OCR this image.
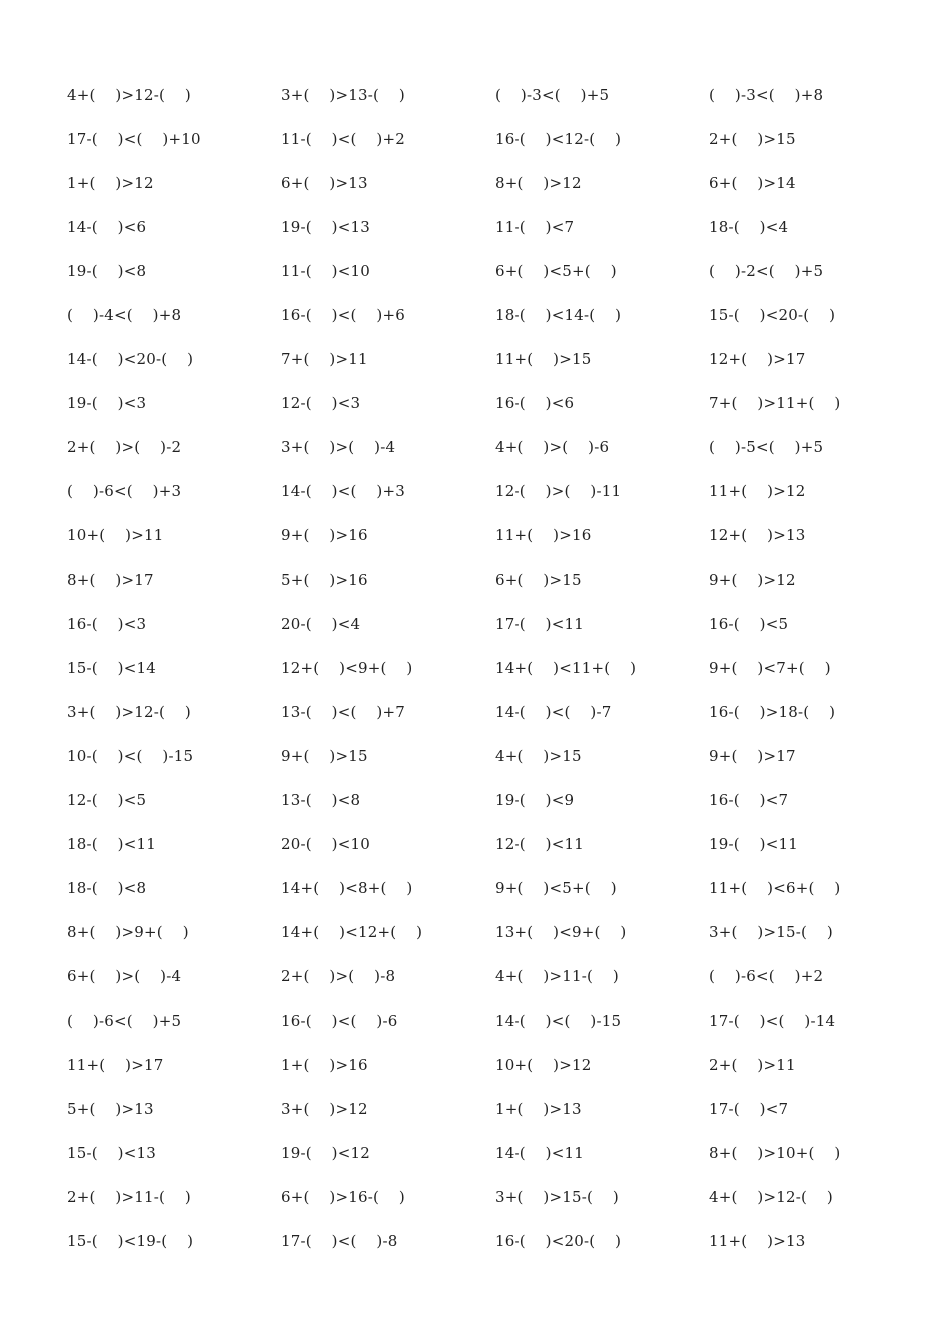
4+(    )>12-(    )	3+(    )>13-(    )	(    )-3<(    )+5	(    )-3<(    )+8
17-(    )<(    )+10	11-(    )<(    )+2	16-(    )<12-(    )	2+(    )>15
1+(    )>12	6+(    )>13	8+(    )>12	6+(    )>14
14-(    )<6	19-(    )<13	11-(    )<7	18-(    )<4
19-(    )<8	11-(    )<10	6+(    )<5+(    )	(    )-2<(    )+5
(    )-4<(    )+8	16-(    )<(    )+6	18-(    )<14-(    )	15-(    )<20-(    )
14-(    )<20-(    )	7+(    )>11	11+(    )>15	12+(    )>17
19-(    )<3	12-(    )<3	16-(    )<6	7+(    )>11+(    )
2+(    )>(    )-2	3+(    )>(    )-4	4+(    )>(    )-6	(    )-5<(    )+5
(    )-6<(    )+3	14-(    )<(    )+3	12-(    )>(    )-11	11+(    )>12
10+(    )>11	9+(    )>16	11+(    )>16	12+(    )>13
8+(    )>17	5+(    )>16	6+(    )>15	9+(    )>12
16-(    )<3	20-(    )<4	17-(    )<11	16-(    )<5
15-(    )<14	12+(    )<9+(    )	14+(    )<11+(    )	9+(    )<7+(    )
3+(    )>12-(    )	13-(    )<(    )+7	14-(    )<(    )-7	16-(    )>18-(    )
10-(    )<(    )-15	9+(    )>15	4+(    )>15	9+(    )>17
12-(    )<5	13-(    )<8	19-(    )<9	16-(    )<7
18-(    )<11	20-(    )<10	12-(    )<11	19-(    )<11
18-(    )<8	14+(    )<8+(    )	9+(    )<5+(    )	11+(    )<6+(    )
8+(    )>9+(    )	14+(    )<12+(    )	13+(    )<9+(    )	3+(    )>15-(    )
6+(    )>(    )-4	2+(    )>(    )-8	4+(    )>11-(    )	(    )-6<(    )+2
(    )-6<(    )+5	16-(    )<(    )-6	14-(    )<(    )-15	17-(    )<(    )-14
11+(    )>17	1+(    )>16	10+(    )>12	2+(    )>11
5+(    )>13	3+(    )>12	1+(    )>13	17-(    )<7
15-(    )<13	19-(    )<12	14-(    )<11	8+(    )>10+(    )
2+(    )>11-(    )	6+(    )>16-(    )	3+(    )>15-(    )	4+(    )>12-(    )
15-(    )<19-(    )	17-(    )<(    )-8	16-(    )<20-(    )	11+(    )>13
